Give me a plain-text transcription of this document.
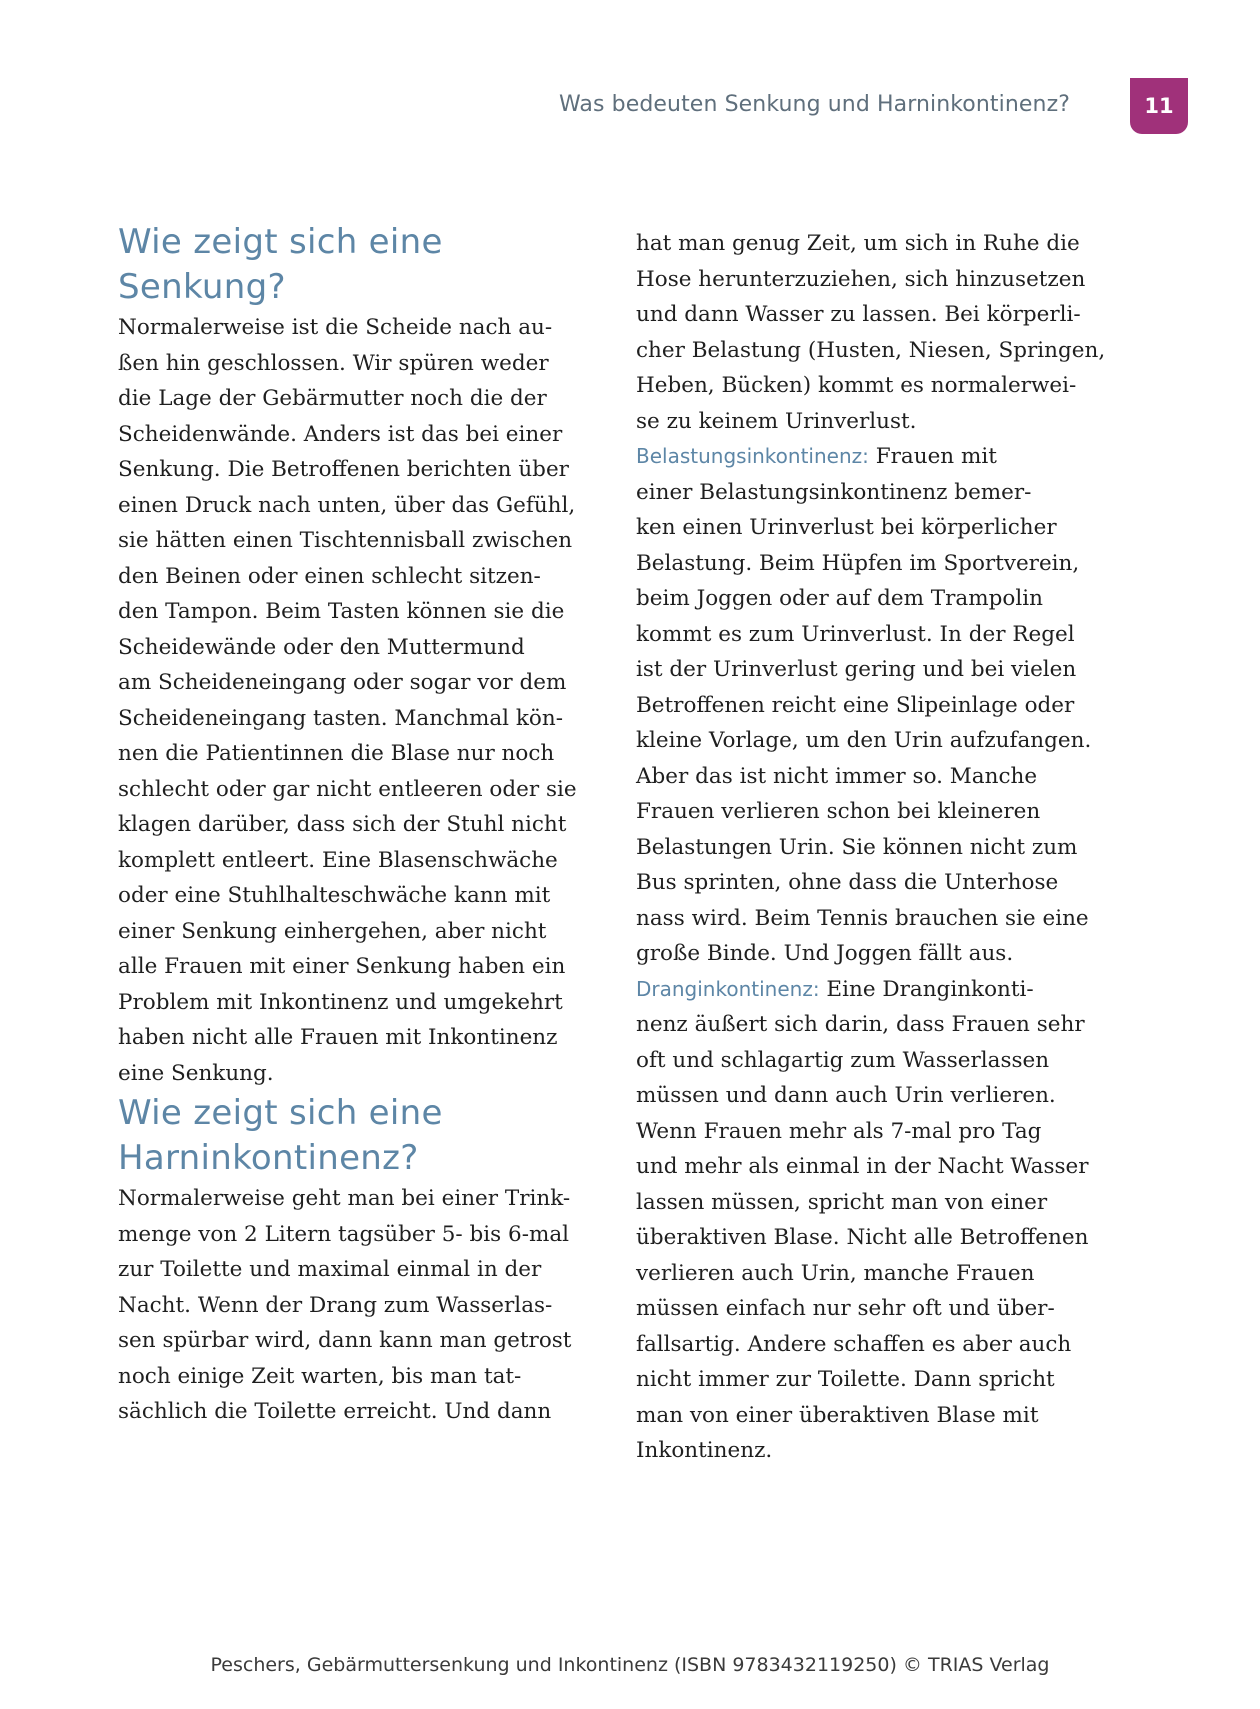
Was bedeuten Senkung und Harninkontinenz?	11
Wie zeigt sich eine
Senkung?

Normalerweise ist die Scheide nach au-
ßen hin geschlossen. Wir spüren weder
die Lage der Gebärmutter noch die der
Scheidenwände. Anders ist das bei einer
Senkung. Die Betroffenen berichten über
einen Druck nach unten, über das Gefühl,
sie hätten einen Tischtennisball zwischen
den Beinen oder einen schlecht sitzen-
den Tampon. Beim Tasten können sie die
Scheidewände oder den Muttermund
am Scheideneingang oder sogar vor dem
Scheideneingang tasten. Manchmal kön-
nen die Patientinnen die Blase nur noch
schlecht oder gar nicht entleeren oder sie
klagen darüber, dass sich der Stuhl nicht
komplett entleert. Eine Blasenschwäche
oder eine Stuhlhalteschwäche kann mit
einer Senkung einhergehen, aber nicht
alle Frauen mit einer Senkung haben ein
Problem mit Inkontinenz und umgekehrt
haben nicht alle Frauen mit Inkontinenz
eine Senkung.

Wie zeigt sich eine
Harninkontinenz?

Normalerweise geht man bei einer Trink-
menge von 2 Litern tagsüber 5- bis 6-mal
zur Toilette und maximal einmal in der
Nacht. Wenn der Drang zum Wasserlas-
sen spürbar wird, dann kann man getrost
noch einige Zeit warten, bis man tat-
sächlich die Toilette erreicht. Und dann

hat man genug Zeit, um sich in Ruhe die
Hose herunterzuziehen, sich hinzusetzen
und dann Wasser zu lassen. Bei körperli-
cher Belastung (Husten, Niesen, Springen,
Heben, Bücken) kommt es normalerwei-
se zu keinem Urinverlust.

Belastungsinkontinenz: Frauen mit
einer Belastungsinkontinenz bemer-
ken einen Urinverlust bei körperlicher
Belastung. Beim Hüpfen im Sportverein,
beim Joggen oder auf dem Trampolin
kommt es zum Urinverlust. In der Regel
ist der Urinverlust gering und bei vielen
Betroffenen reicht eine Slipeinlage oder
kleine Vorlage, um den Urin aufzufangen.
Aber das ist nicht immer so. Manche
Frauen verlieren schon bei kleineren
Belastungen Urin. Sie können nicht zum
Bus sprinten, ohne dass die Unterhose
nass wird. Beim Tennis brauchen sie eine
große Binde. Und Joggen fällt aus.

Dranginkontinenz: Eine Dranginkonti-
nenz äußert sich darin, dass Frauen sehr
oft und schlagartig zum Wasserlassen
müssen und dann auch Urin verlieren.
Wenn Frauen mehr als 7-mal pro Tag
und mehr als einmal in der Nacht Wasser
lassen müssen, spricht man von einer
überaktiven Blase. Nicht alle Betroffenen
verlieren auch Urin, manche Frauen
müssen einfach nur sehr oft und über-
fallsartig. Andere schaffen es aber auch
nicht immer zur Toilette. Dann spricht
man von einer überaktiven Blase mit
Inkontinenz.

Peschers, Gebärmuttersenkung und Inkontinenz (ISBN 9783432119250) © TRIAS Verlag
